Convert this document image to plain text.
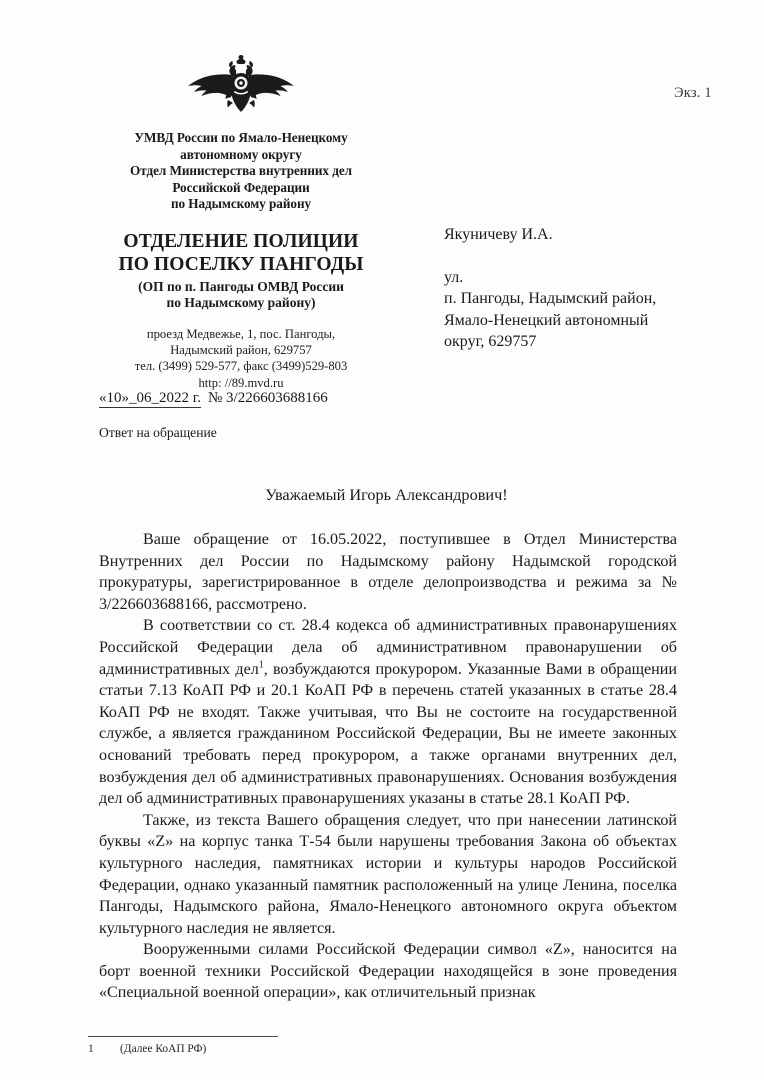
Экз. 1
УМВД России по Ямало-Ненецкому
автономному округу
Отдел Министерства внутренних дел
Российской Федерации
по Надымскому району
ОТДЕЛЕНИЕ ПОЛИЦИИ
ПО ПОСЕЛКУ ПАНГОДЫ
(ОП по п. Пангоды ОМВД России
по Надымскому району)
проезд Медвежье, 1, пос. Пангоды,
Надымский район, 629757
тел. (3499) 529-577, факс (3499)529-803
http: //89.mvd.ru
«10»_06_2022 г. № 3/226603688166
Ответ на обращение
Якуничеву И.А.
ул.
п. Пангоды, Надымский район,
Ямало-Ненецкий автономный
округ, 629757
Уважаемый Игорь Александрович!

Ваше обращение от 16.05.2022, поступившее в Отдел Министерства Внутренних дел России по Надымскому району Надымской городской прокуратуры, зарегистрированное в отделе делопроизводства и режима за № 3/226603688166, рассмотрено.

В соответствии со ст. 28.4 кодекса об административных правонарушениях Российской Федерации дела об административном правонарушении об административных дел$^1$, возбуждаются прокурором. Указанные Вами в обращении статьи 7.13 КоАП РФ и 20.1 КоАП РФ в перечень статей указанных в статье 28.4 КоАП РФ не входят. Также учитывая, что Вы не состоите на государственной службе, а является гражданином Российской Федерации, Вы не имеете законных оснований требовать перед прокурором, а также органами внутренних дел, возбуждения дел об административных правонарушениях. Основания возбуждения дел об административных правонарушениях указаны в статье 28.1 КоАП РФ.

Также, из текста Вашего обращения следует, что при нанесении латинской буквы «Z» на корпус танка Т-54 были нарушены требования Закона об объектах культурного наследия, памятниках истории и культуры народов Российской Федерации, однако указанный памятник расположенный на улице Ленина, поселка Пангоды, Надымского района, Ямало-Ненецкого автономного округа объектом культурного наследия не является.

Вооруженными силами Российской Федерации символ «Z», наносится на борт военной техники Российской Федерации находящейся в зоне проведения «Специальной военной операции», как отличительный признак

1 (Далее КоАП РФ)
